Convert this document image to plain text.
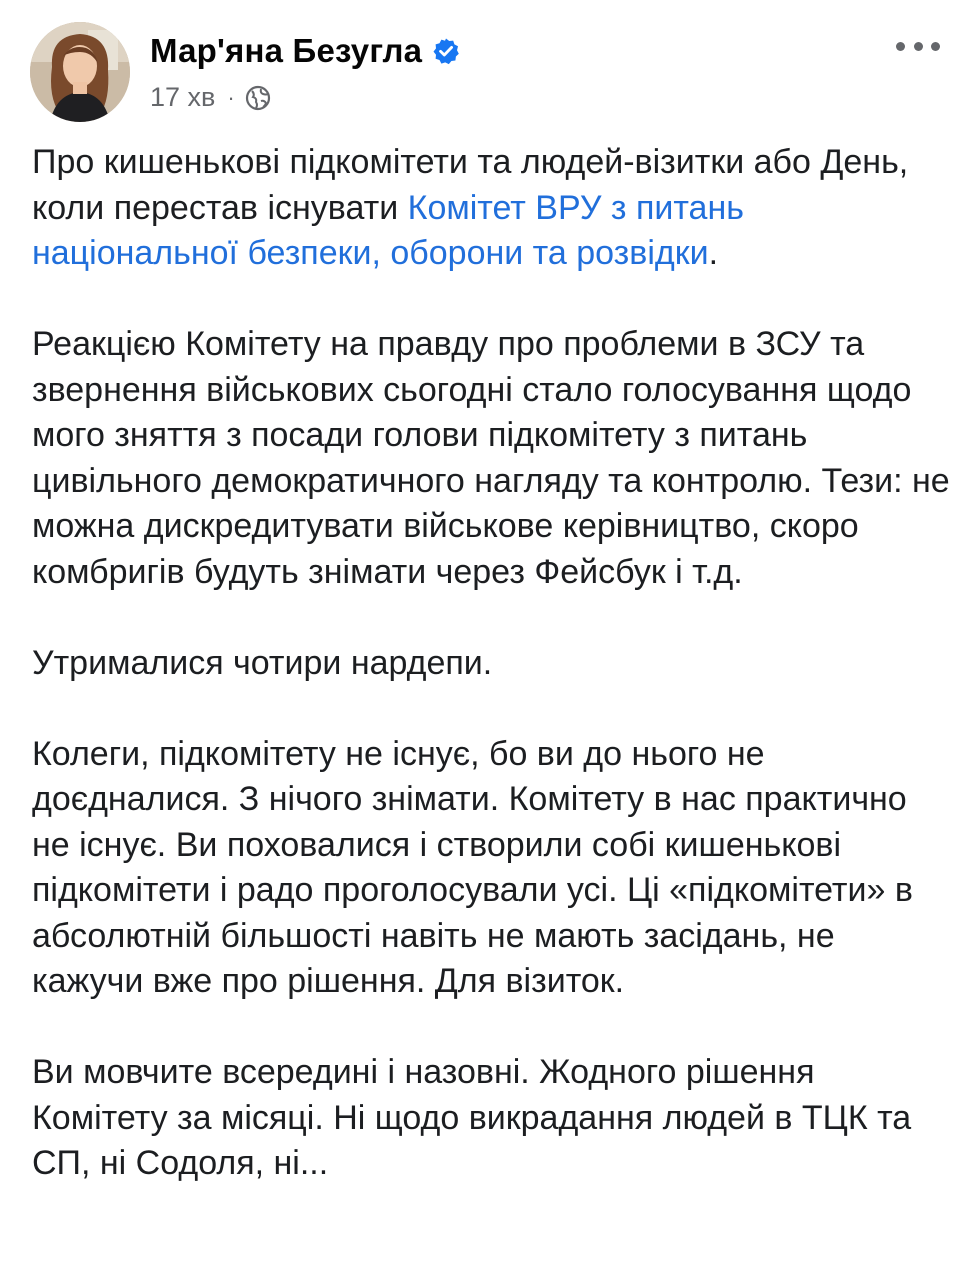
Мар'яна Безугла
17 хв ·

Про кишенькові підкомітети та людей-візитки або День, коли перестав існувати Комітет ВРУ з питань національної безпеки, оборони та розвідки.

Реакцією Комітету на правду про проблеми в ЗСУ та звернення військових сьогодні стало голосування щодо мого зняття з посади голови підкомітету з питань цивільного демократичного нагляду та контролю. Тези: не можна дискредитувати військове керівництво, скоро комбригів будуть знімати через Фейсбук і т.д.

Утрималися чотири нардепи.

Колеги, підкомітету не існує, бо ви до нього не доєдналися. З нічого знімати. Комітету в нас практично не існує. Ви поховалися і створили собі кишенькові підкомітети і радо проголосували усі. Ці «підкомітети» в абсолютній більшості навіть не мають засідань, не кажучи вже про рішення. Для візиток.

Ви мовчите всередині і назовні. Жодного рішення Комітету за місяці. Ні щодо викрадання людей в ТЦК та СП, ні Содоля, ні...
